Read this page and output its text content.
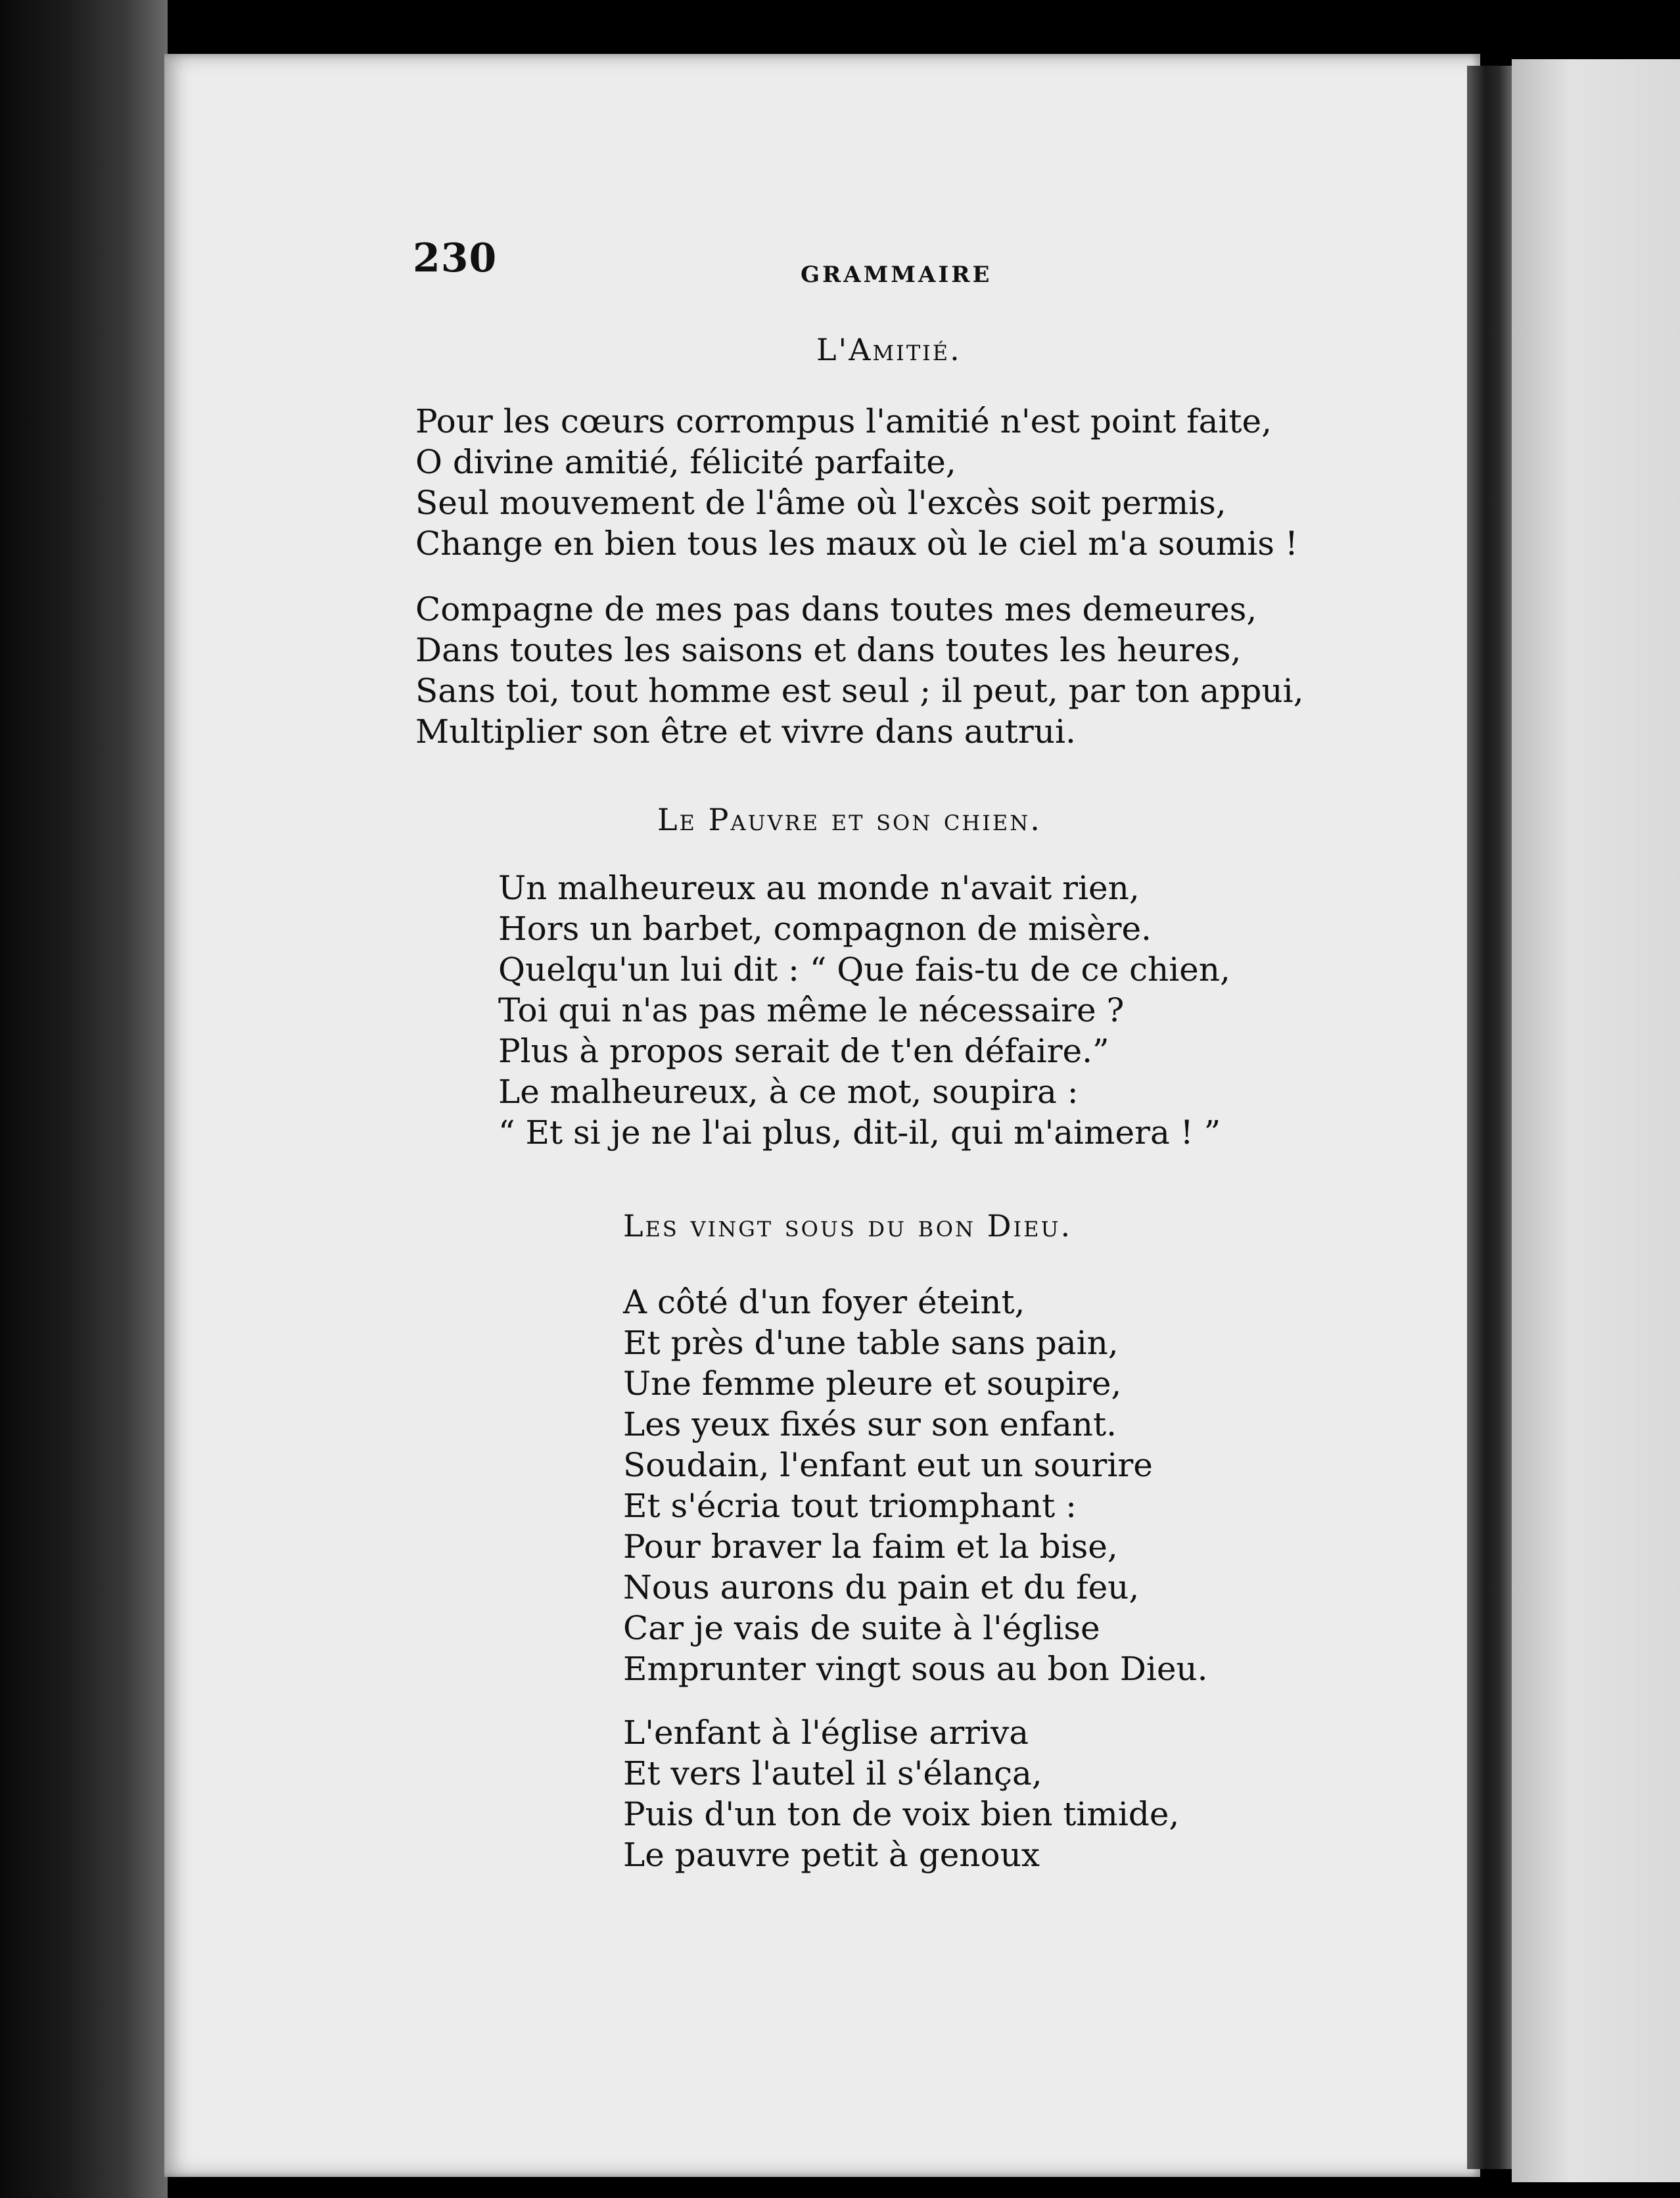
230	GRAMMAIRE
L'Amitié.
Pour les cœurs corrompus l'amitié n'est point faite,
O divine amitié, félicité parfaite,
Seul mouvement de l'âme où l'excès soit permis,
Change en bien tous les maux où le ciel m'a soumis !
Compagne de mes pas dans toutes mes demeures,
Dans toutes les saisons et dans toutes les heures,
Sans toi, tout homme est seul ; il peut, par ton appui,
Multiplier son être et vivre dans autrui.
Le Pauvre et son chien.
Un malheureux au monde n'avait rien,
Hors un barbet, compagnon de misère.
Quelqu'un lui dit : “ Que fais-tu de ce chien,
Toi qui n'as pas même le nécessaire ?
Plus à propos serait de t'en défaire.”
Le malheureux, à ce mot, soupira :
“ Et si je ne l'ai plus, dit-il, qui m'aimera ! ”
Les vingt sous du bon Dieu.
A côté d'un foyer éteint,
Et près d'une table sans pain,
Une femme pleure et soupire,
Les yeux fixés sur son enfant.
Soudain, l'enfant eut un sourire
Et s'écria tout triomphant :
Pour braver la faim et la bise,
Nous aurons du pain et du feu,
Car je vais de suite à l'église
Emprunter vingt sous au bon Dieu.
L'enfant à l'église arriva
Et vers l'autel il s'élança,
Puis d'un ton de voix bien timide,
Le pauvre petit à genoux
